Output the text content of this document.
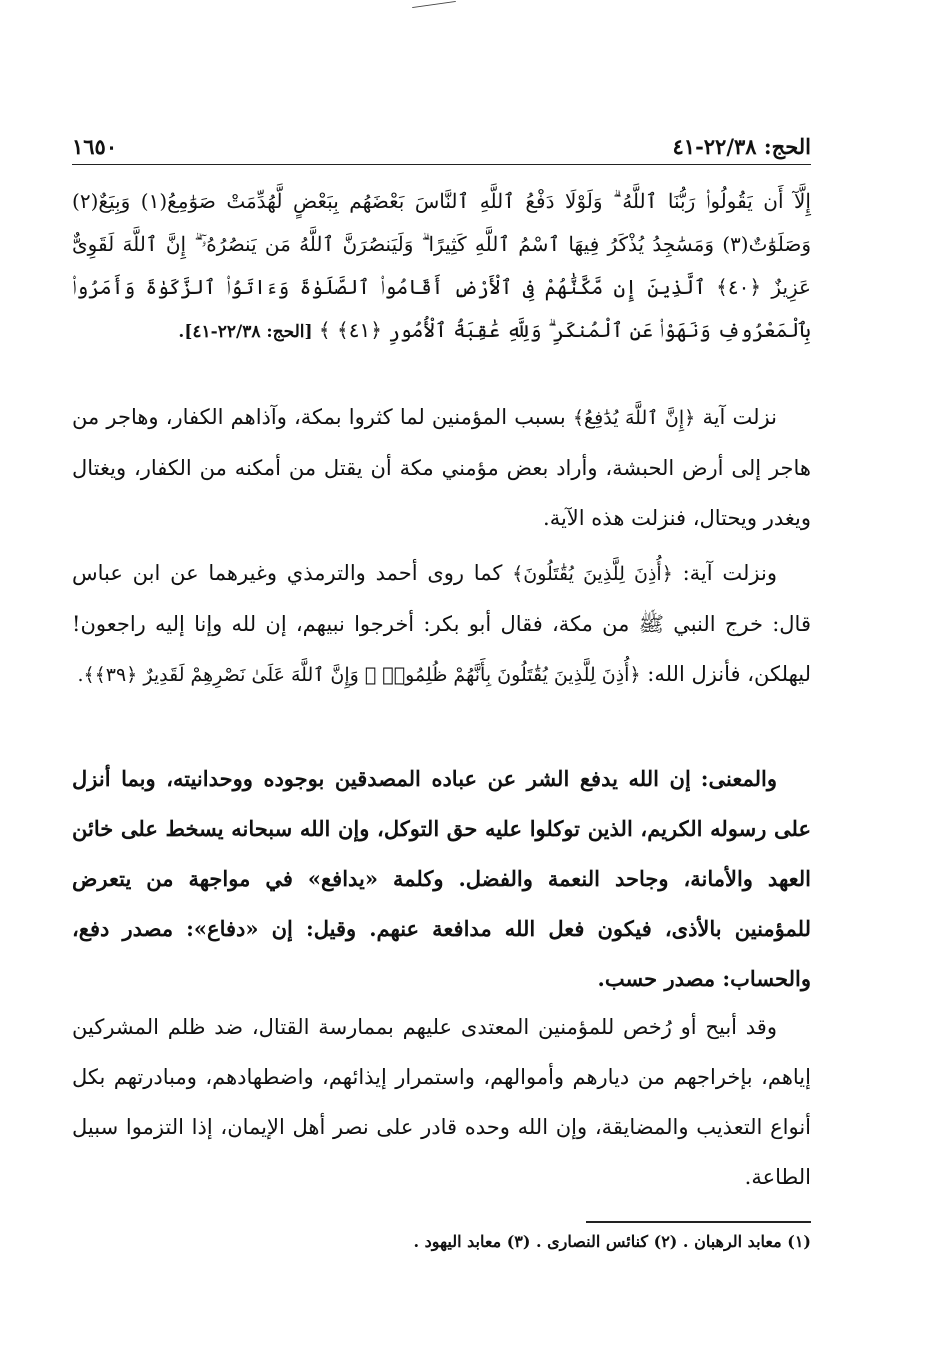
الحج: ٢٢/٣٨-٤١
١٦٥٠
إِلَّآ أَن يَقُولُوا۟ رَبُّنَا ٱللَّهُ ۗ وَلَوْلَا دَفْعُ ٱللَّهِ ٱلنَّاسَ بَعْضَهُم بِبَعْضٍ لَّهُدِّمَتْ صَوَٰمِعُ(١) وَبِيَعٌ(٢) وَصَلَوَٰتٌ(٣) وَمَسَٰجِدُ يُذْكَرُ فِيهَا ٱسْمُ ٱللَّهِ كَثِيرًا ۗ وَلَيَنصُرَنَّ ٱللَّهُ مَن يَنصُرُهُۥٓ ۗ إِنَّ ٱللَّهَ لَقَوِىٌّ عَزِيزٌ ﴿٤٠﴾ ٱلَّذِينَ إِن مَّكَّنَّٰهُمْ فِى ٱلْأَرْضِ أَقَامُوا۟ ٱلصَّلَوٰةَ وَءَاتَوُا۟ ٱلزَّكَوٰةَ وَأَمَرُوا۟ بِٱلْمَعْرُوفِ وَنَهَوْا۟ عَنِ ٱلْمُنكَرِ ۗ وَلِلَّهِ عَٰقِبَةُ ٱلْأُمُورِ ﴿٤١﴾ ﴾ [الحج: ٢٢/٣٨-٤١].

نزلت آية ﴿إِنَّ ٱللَّهَ يُدَٰفِعُ﴾ بسبب المؤمنين لما كثروا بمكة، وآذاهم الكفار، وهاجر من هاجر إلى أرض الحبشة، وأراد بعض مؤمني مكة أن يقتل من أمكنه من الكفار، ويغتال ويغدر ويحتال، فنزلت هذه الآية.

ونزلت آية: ﴿أُذِنَ لِلَّذِينَ يُقَٰتَلُونَ﴾ كما روى أحمد والترمذي وغيرهما عن ابن عباس قال: خرج النبي ﷺ من مكة، فقال أبو بكر: أخرجوا نبيهم، إن لله وإنا إليه راجعون! ليهلكن، فأنزل الله: ﴿أُذِنَ لِلَّذِينَ يُقَٰتَلُونَ بِأَنَّهُمْ ظُلِمُوا۟ ۚ وَإِنَّ ٱللَّهَ عَلَىٰ نَصْرِهِمْ لَقَدِيرٌ ﴿٣٩﴾﴾.

والمعنى: إن الله يدفع الشر عن عباده المصدقين بوجوده ووحدانيته، وبما أنزل على رسوله الكريم، الذين توكلوا عليه حق التوكل، وإن الله سبحانه يسخط على خائن العهد والأمانة، وجاحد النعمة والفضل. وكلمة «يدافع» في مواجهة من يتعرض للمؤمنين بالأذى، فيكون فعل الله مدافعة عنهم. وقيل: إن «دفاع»: مصدر دفع، والحساب: مصدر حسب.

وقد أبيح أو رُخص للمؤمنين المعتدى عليهم بممارسة القتال، ضد ظلم المشركين إياهم، بإخراجهم من ديارهم وأموالهم، واستمرار إيذائهم، واضطهادهم، ومبادرتهم بكل أنواع التعذيب والمضايقة، وإن الله وحده قادر على نصر أهل الإيمان، إذا التزموا سبيل الطاعة.

(١) معابد الرهبان . (٢) كنائس النصارى . (٣) معابد اليهود .
